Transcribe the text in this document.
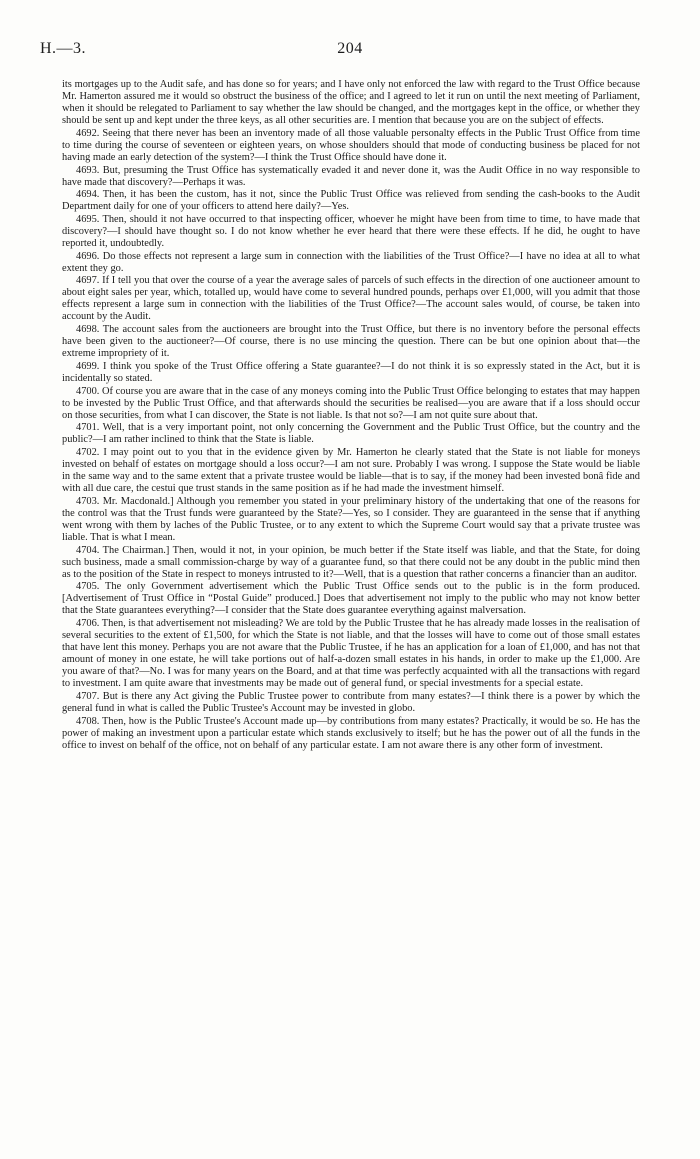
H.—3.	204

its mortgages up to the Audit safe, and has done so for years; and I have only not enforced the law with regard to the Trust Office because Mr. Hamerton assured me it would so obstruct the business of the office; and I agreed to let it run on until the next meeting of Parliament, when it should be relegated to Parliament to say whether the law should be changed, and the mortgages kept in the office, or whether they should be sent up and kept under the three keys, as all other securities are. I mention that because you are on the subject of effects.

4692. Seeing that there never has been an inventory made of all those valuable personalty effects in the Public Trust Office from time to time during the course of seventeen or eighteen years, on whose shoulders should that mode of conducting business be placed for not having made an early detection of the system?—I think the Trust Office should have done it.

4693. But, presuming the Trust Office has systematically evaded it and never done it, was the Audit Office in no way responsible to have made that discovery?—Perhaps it was.

4694. Then, it has been the custom, has it not, since the Public Trust Office was relieved from sending the cash-books to the Audit Department daily for one of your officers to attend here daily?—Yes.

4695. Then, should it not have occurred to that inspecting officer, whoever he might have been from time to time, to have made that discovery?—I should have thought so. I do not know whether he ever heard that there were these effects. If he did, he ought to have reported it, undoubtedly.

4696. Do those effects not represent a large sum in connection with the liabilities of the Trust Office?—I have no idea at all to what extent they go.

4697. If I tell you that over the course of a year the average sales of parcels of such effects in the direction of one auctioneer amount to about eight sales per year, which, totalled up, would have come to several hundred pounds, perhaps over £1,000, will you admit that those effects represent a large sum in connection with the liabilities of the Trust Office?—The account sales would, of course, be taken into account by the Audit.

4698. The account sales from the auctioneers are brought into the Trust Office, but there is no inventory before the personal effects have been given to the auctioneer?—Of course, there is no use mincing the question. There can be but one opinion about that—the extreme impropriety of it.

4699. I think you spoke of the Trust Office offering a State guarantee?—I do not think it is so expressly stated in the Act, but it is incidentally so stated.

4700. Of course you are aware that in the case of any moneys coming into the Public Trust Office belonging to estates that may happen to be invested by the Public Trust Office, and that afterwards should the securities be realised—you are aware that if a loss should occur on those securities, from what I can discover, the State is not liable. Is that not so?—I am not quite sure about that.

4701. Well, that is a very important point, not only concerning the Government and the Public Trust Office, but the country and the public?—I am rather inclined to think that the State is liable.

4702. I may point out to you that in the evidence given by Mr. Hamerton he clearly stated that the State is not liable for moneys invested on behalf of estates on mortgage should a loss occur?—I am not sure. Probably I was wrong. I suppose the State would be liable in the same way and to the same extent that a private trustee would be liable—that is to say, if the money had been invested bonâ fide and with all due care, the cestui que trust stands in the same position as if he had made the investment himself.

4703. Mr. Macdonald.] Although you remember you stated in your preliminary history of the undertaking that one of the reasons for the control was that the Trust funds were guaranteed by the State?—Yes, so I consider. They are guaranteed in the sense that if anything went wrong with them by laches of the Public Trustee, or to any extent to which the Supreme Court would say that a private trustee was liable. That is what I mean.

4704. The Chairman.] Then, would it not, in your opinion, be much better if the State itself was liable, and that the State, for doing such business, made a small commission-charge by way of a guarantee fund, so that there could not be any doubt in the public mind then as to the position of the State in respect to moneys intrusted to it?—Well, that is a question that rather concerns a financier than an auditor.

4705. The only Government advertisement which the Public Trust Office sends out to the public is in the form produced. [Advertisement of Trust Office in “Postal Guide” produced.] Does that advertisement not imply to the public who may not know better that the State guarantees everything?—I consider that the State does guarantee everything against malversation.

4706. Then, is that advertisement not misleading? We are told by the Public Trustee that he has already made losses in the realisation of several securities to the extent of £1,500, for which the State is not liable, and that the losses will have to come out of those small estates that have lent this money. Perhaps you are not aware that the Public Trustee, if he has an application for a loan of £1,000, and has not that amount of money in one estate, he will take portions out of half-a-dozen small estates in his hands, in order to make up the £1,000. Are you aware of that?—No. I was for many years on the Board, and at that time was perfectly acquainted with all the transactions with regard to investment. I am quite aware that investments may be made out of general fund, or special investments for a special estate.

4707. But is there any Act giving the Public Trustee power to contribute from many estates?—I think there is a power by which the general fund in what is called the Public Trustee's Account may be invested in globo.

4708. Then, how is the Public Trustee's Account made up—by contributions from many estates? Practically, it would be so. He has the power of making an investment upon a particular estate which stands exclusively to itself; but he has the power out of all the funds in the office to invest on behalf of the office, not on behalf of any particular estate. I am not aware there is any other form of investment.
